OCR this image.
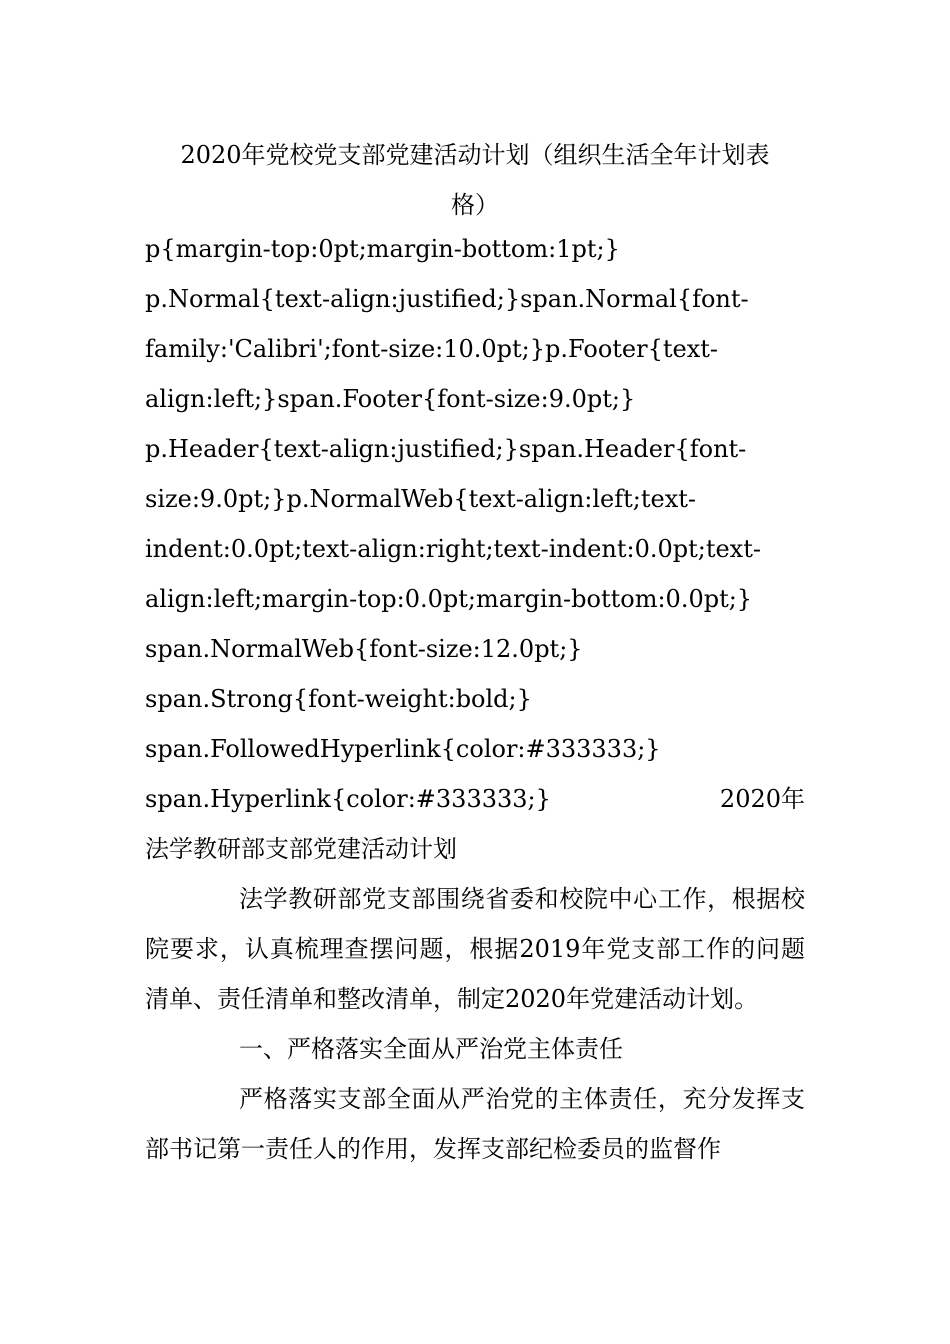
2020年党校党支部党建活动计划（组织生活全年计划表
格）

p{margin-top:0pt;margin-bottom:1pt;}

p.Normal{text-align:justified;}span.Normal{font-

family:'Calibri';font-size:10.0pt;}p.Footer{text-

align:left;}span.Footer{font-size:9.0pt;}

p.Header{text-align:justified;}span.Header{font-

size:9.0pt;}p.NormalWeb{text-align:left;text-

indent:0.0pt;text-align:right;text-indent:0.0pt;text-

align:left;margin-top:0.0pt;margin-bottom:0.0pt;}

span.NormalWeb{font-size:12.0pt;}

span.Strong{font-weight:bold;}

span.FollowedHyperlink{color:#333333;}

span.Hyperlink{color:#333333;}	2020年

法学教研部支部党建活动计划

法学教研部党支部围绕省委和校院中心工作，根据校院要求，认真梳理查摆问题，根据2019年党支部工作的问题清单、责任清单和整改清单，制定2020年党建活动计划。

一、严格落实全面从严治党主体责任

严格落实支部全面从严治党的主体责任，充分发挥支部书记第一责任人的作用，发挥支部纪检委员的监督作
